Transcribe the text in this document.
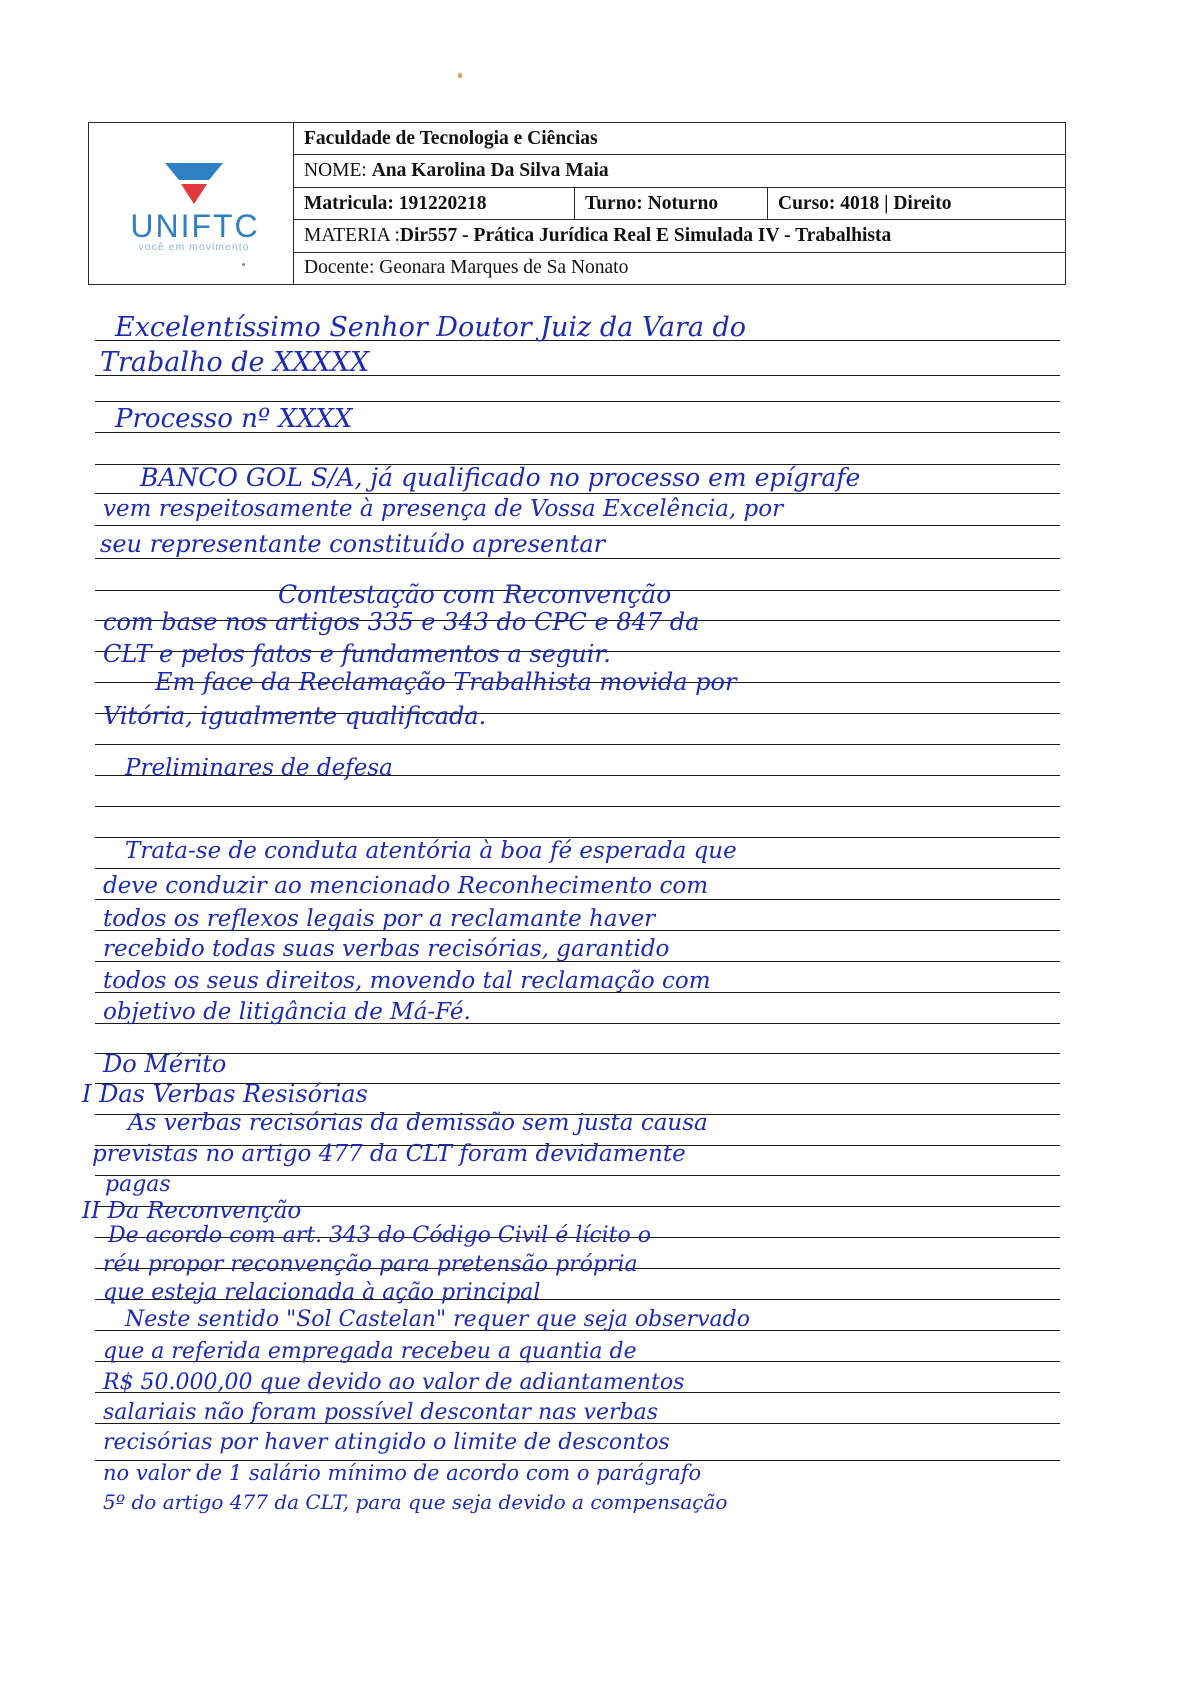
UNIFTC
você em movimento
Faculdade de Tecnologia e Ciências
NOME:
Ana Karolina Da Silva Maia
Matricula:
191220218	Turno:
Noturno	Curso:
4018 | Direito
MATERIA : Dir557 - Prática Jurídica Real E Simulada IV - Trabalhista
Docente:
Geonara Marques de Sa Nonato
Excelentíssimo Senhor Doutor Juiz da Vara do
Trabalho de XXXXX
Processo nº XXXX
BANCO GOL S/A, já qualificado no processo em epígrafe
vem respeitosamente à presença de Vossa Excelência, por
seu representante constituído apresentar
Contestação com Reconvenção
com base nos artigos 335 e 343 do CPC e 847 da
CLT e pelos fatos e fundamentos a seguir.
Em face da Reclamação Trabalhista movida por
Vitória, igualmente qualificada.
Preliminares de defesa
Trata-se de conduta atentória à boa fé esperada que
deve conduzir ao mencionado Reconhecimento com
todos os reflexos legais por a reclamante haver
recebido todas suas verbas recisórias, garantido
todos os seus direitos, movendo tal reclamação com
objetivo de litigância de Má-Fé.
Do Mérito
I Das Verbas Resisórias
As verbas recisórias da demissão sem justa causa
previstas no artigo 477 da CLT foram devidamente
pagas
II Da Reconvenção
De acordo com art. 343 do Código Civil é lícito o
réu propor reconvenção para pretensão própria
que esteja relacionada à ação principal
Neste sentido "Sol Castelan" requer que seja observado
que a referida empregada recebeu a quantia de
R$ 50.000,00 que devido ao valor de adiantamentos
salariais não foram possível descontar nas verbas
recisórias por haver atingido o limite de descontos
no valor de 1 salário mínimo de acordo com o parágrafo
5º do artigo 477 da CLT, para que seja devido a compensação
